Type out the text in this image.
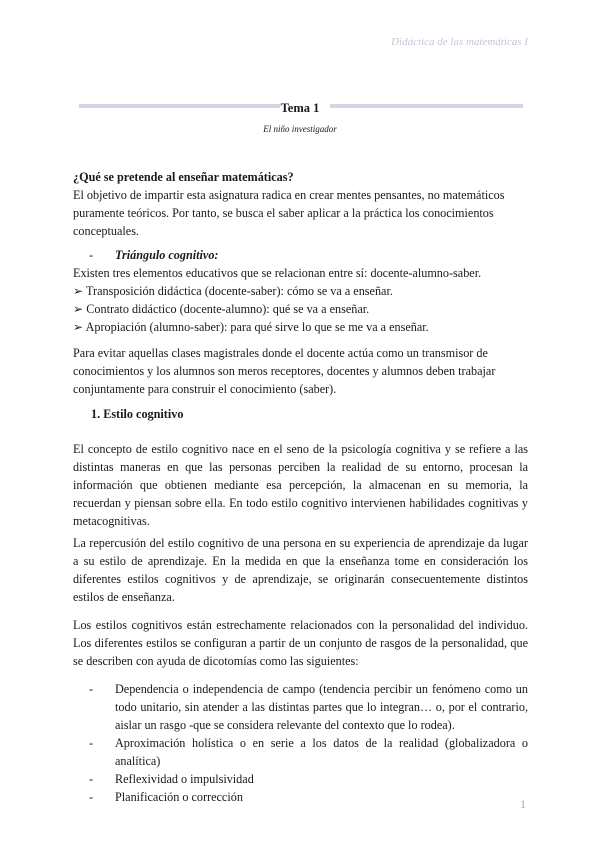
Didáctica de las matemáticas I
Tema 1
El niño investigador
¿Qué se pretende al enseñar matemáticas?
El objetivo de impartir esta asignatura radica en crear mentes pensantes, no matemáticos
puramente teóricos. Por tanto, se busca el saber aplicar a la práctica los conocimientos
conceptuales.
- Triángulo cognitivo:
Existen tres elementos educativos que se relacionan entre sí: docente-alumno-saber.
➢ Transposición didáctica (docente-saber): cómo se va a enseñar.
➢ Contrato didáctico (docente-alumno): qué se va a enseñar.
➢ Apropiación (alumno-saber): para qué sirve lo que se me va a enseñar.
Para evitar aquellas clases magistrales donde el docente actúa como un transmisor de
conocimientos y los alumnos son meros receptores, docentes y alumnos deben trabajar
conjuntamente para construir el conocimiento (saber).
1. Estilo cognitivo
El concepto de estilo cognitivo nace en el seno de la psicología cognitiva y se refiere a las distintas maneras en que las personas perciben la realidad de su entorno, procesan la información que obtienen mediante esa percepción, la almacenan en su memoria, la recuerdan y piensan sobre ella. En todo estilo cognitivo intervienen habilidades cognitivas y metacognitivas.
La repercusión del estilo cognitivo de una persona en su experiencia de aprendizaje da lugar a su estilo de aprendizaje. En la medida en que la enseñanza tome en consideración los diferentes estilos cognitivos y de aprendizaje, se originarán consecuentemente distintos estilos de enseñanza.
Los estilos cognitivos están estrechamente relacionados con la personalidad del individuo. Los diferentes estilos se configuran a partir de un conjunto de rasgos de la personalidad, que se describen con ayuda de dicotomías como las siguientes:
- Dependencia o independencia de campo (tendencia percibir un fenómeno como un todo unitario, sin atender a las distintas partes que lo integran… o, por el contrario, aislar un rasgo -que se considera relevante del contexto que lo rodea).
- Aproximación holística o en serie a los datos de la realidad (globalizadora o analítica)
- Reflexividad o impulsividad
- Planificación o corrección	1
